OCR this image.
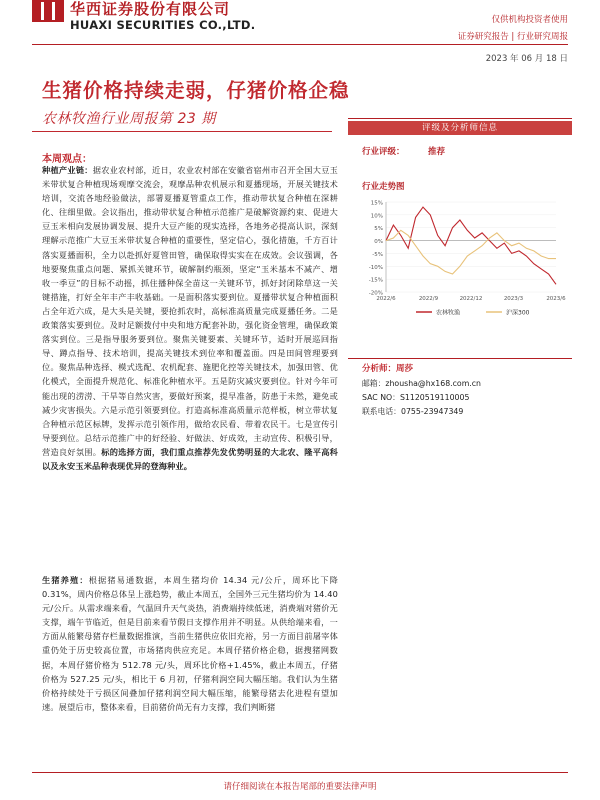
华西证券股份有限公司
HUAXI SECURITIES CO.,LTD.	仅供机构投资者使用
证券研究报告 | 行业研究周报
2023 年 06 月 18 日
生猪价格持续走弱，仔猪价格企稳
农林牧渔行业周报第 23 期
本周观点：
种植产业链：据农业农村部，近日，农业农村部在安徽省宿州市召开全国大豆玉米带状复合种植现场观摩交流会，观摩品种农机展示和夏播现场，开展关键技术培训，交流各地经验做法，部署夏播夏管重点工作，推动带状复合种植在深耕化、往细里做。会议指出，推动带状复合种植示范推广是破解资源约束、促进大豆玉米相向发展协调发展、提升大豆产能的现实选择，各地务必提高认识，深刻理解示范推广大豆玉米带状复合种植的重要性，坚定信心，强化措施，千方百计落实夏播面积，全力以赴抓好夏管田管，确保取得实实在在成效。会议强调，各地要聚焦重点问题、紧抓关键环节，破解制约瓶颈，坚定“玉米基本不减产、增收一季豆”的目标不动摇，抓住播种保全苗这一关键环节，抓好封闭除草这一关键措施，打好全年丰产丰收基础。一是面积落实要到位。夏播带状复合种植面积占全年近六成，是大头是关键，要抢抓农时，高标准高质量完成夏播任务。二是政策落实要到位。及时足额拨付中央和地方配套补助，强化资金管理，确保政策落实到位。三是指导服务要到位。聚焦关键要素、关键环节，适时开展巡回指导、蹲点指导、技术培训，提高关键技术到位率和覆盖面。四是田间管理要到位。聚焦品种选择、模式选配、农机配套、施肥化控等关键技术，加强田管、优化模式，全面提升规范化、标准化种植水平。五是防灾减灾要到位。针对今年可能出现的涝涝、干旱等自然灾害，要做好预案，提早准备，防患于未然，避免或减少灾害损失。六是示范引领要到位。打造高标准高质量示范样板，树立带状复合种植示范区标牌，发挥示范引领作用，做给农民看、带着农民干。七是宣传引导要到位。总结示范推广中的好经验、好做法、好成效，主动宣传、积极引导，营造良好氛围。标的选择方面，我们重点推荐先发优势明显的大北农、隆平高科以及永安玉米品种表现优异的登海种业。
生猪养殖：根据猪易通数据，本周生猪均价 14.34 元/公斤，周环比下降 0.31%，周内价格总体呈上涨趋势，截止本周五，全国外三元生猪均价为 14.40 元/公斤。从需求端来看，气温回升天气炎热，消费端持续低迷，消费端对猪价无支撑，端午节临近，但是目前来看节假日支撑作用并不明显。从供给端来看，一方面从能繁母猪存栏量数据推演，当前生猪供应依旧充裕，另一方面目前屠宰体重仍处于历史较高位置，市场猪肉供应充足。本周仔猪价格企稳，据搜猪网数据，本周仔猪价格为 512.78 元/头，周环比价格+1.45%，截止本周五，仔猪价格为 527.25 元/头，相比于 6 月初，仔猪利润空间大幅压缩。我们认为生猪价格持续处于亏损区间叠加仔猪利润空间大幅压缩，能繁母猪去化进程有望加速。展望后市，整体来看，目前猪价尚无有力支撑，我们判断猪
评级及分析师信息
行业评级：	推荐
行业走势图
15%
10%
5%
0%
-5%
-10%
-15%
-20%
2022/6	2022/9	2022/12	2023/3	2023/6
农林牧渔	沪深300
分析师：周莎
邮箱：zhousha@hx168.com.cn
SAC NO：S1120519110005
联系电话：0755-23947349
请仔细阅读在本报告尾部的重要法律声明
